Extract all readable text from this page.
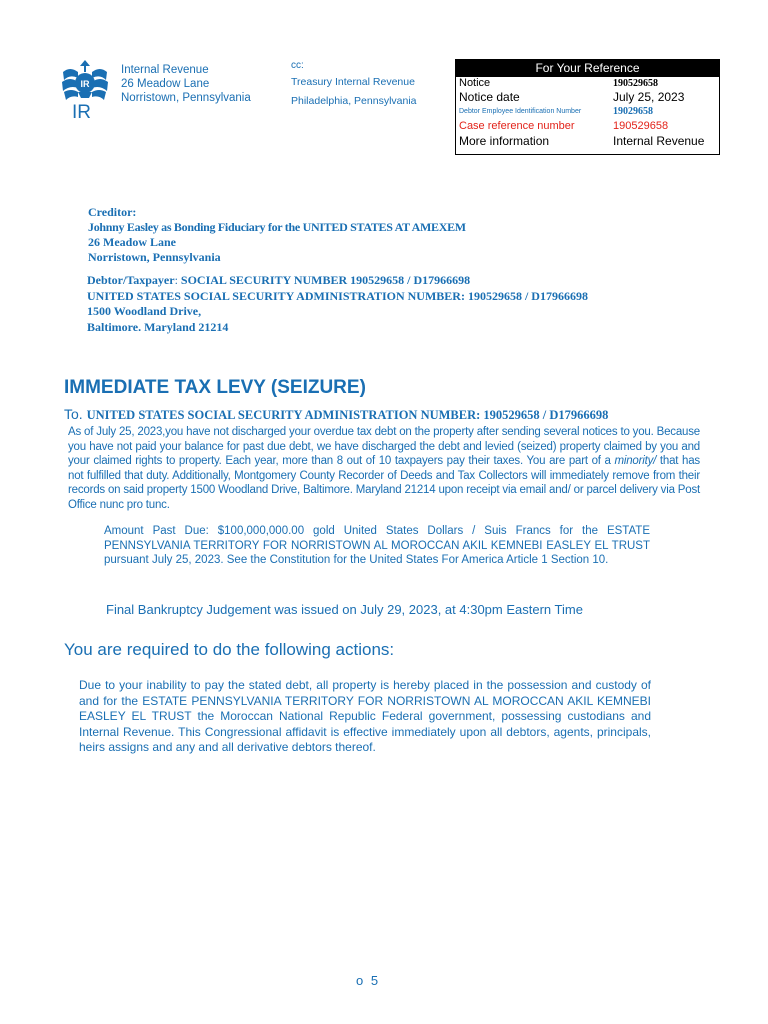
IR
IR
Internal Revenue
26 Meadow Lane
Norristown, Pennsylvania
cc:
Treasury Internal Revenue
Philadelphia, Pennsylvania
For Your Reference
Notice	190529658
Notice date	July 25, 2023
Debtor Employee Identification Number	19029658
Case reference number	190529658
More information	Internal Revenue
Creditor:
Johnny Easley as Bonding Fiduciary for the UNITED STATES AT AMEXEM
26 Meadow Lane
Norristown, Pennsylvania
Debtor/Taxpayer: SOCIAL SECURITY NUMBER 190529658 / D17966698
UNITED STATES SOCIAL SECURITY ADMINISTRATION NUMBER: 190529658 / D17966698
1500 Woodland Drive,
Baltimore. Maryland 21214
IMMEDIATE TAX LEVY (SEIZURE)
To. UNITED STATES SOCIAL SECURITY ADMINISTRATION NUMBER: 190529658 / D17966698
As of July 25, 2023,you have not discharged your overdue tax debt on the property after sending several notices to you. Because you have not paid your balance for past due debt, we have discharged the debt and levied (seized) property claimed by you and your claimed rights to property. Each year, more than 8 out of 10 taxpayers pay their taxes. You are part of a minority/ that has not fulfilled that duty. Additionally, Montgomery County Recorder of Deeds and Tax Collectors will immediately remove from their records on said property 1500 Woodland Drive, Baltimore. Maryland 21214 upon receipt via email and/ or parcel delivery via Post Office nunc pro tunc.
Amount Past Due: $100,000,000.00 gold United States Dollars / Suis Francs for the ESTATE PENNSYLVANIA TERRITORY FOR NORRISTOWN AL MOROCCAN AKIL KEMNEBI EASLEY EL TRUST pursuant July 25, 2023. See the Constitution for the United States For America Article 1 Section 10.
Final Bankruptcy Judgement was issued on July 29, 2023, at 4:30pm Eastern Time
You are required to do the following actions:
Due to your inability to pay the stated debt, all property is hereby placed in the possession and custody of and for the ESTATE PENNSYLVANIA TERRITORY FOR NORRISTOWN AL MOROCCAN AKIL KEMNEBI EASLEY EL TRUST the Moroccan National Republic Federal government, possessing custodians and Internal Revenue. This Congressional affidavit is effective immediately upon all debtors, agents, principals, heirs assigns and any and all derivative debtors thereof.
o 5
